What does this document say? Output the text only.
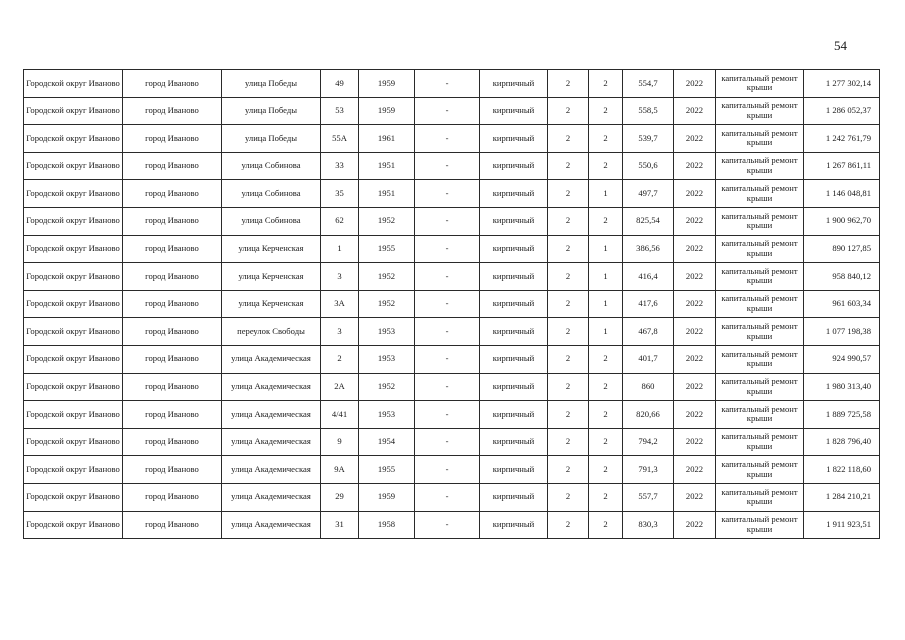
54
Городской округ Иваново	город Иваново	улица Победы	49	1959	-	кирпичный	2	2	554,7	2022	капитальный ремонт крыши	1 277 302,14
Городской округ Иваново	город Иваново	улица Победы	53	1959	-	кирпичный	2	2	558,5	2022	капитальный ремонт крыши	1 286 052,37
Городской округ Иваново	город Иваново	улица Победы	55А	1961	-	кирпичный	2	2	539,7	2022	капитальный ремонт крыши	1 242 761,79
Городской округ Иваново	город Иваново	улица Собинова	33	1951	-	кирпичный	2	2	550,6	2022	капитальный ремонт крыши	1 267 861,11
Городской округ Иваново	город Иваново	улица Собинова	35	1951	-	кирпичный	2	1	497,7	2022	капитальный ремонт крыши	1 146 048,81
Городской округ Иваново	город Иваново	улица Собинова	62	1952	-	кирпичный	2	2	825,54	2022	капитальный ремонт крыши	1 900 962,70
Городской округ Иваново	город Иваново	улица Керченская	1	1955	-	кирпичный	2	1	386,56	2022	капитальный ремонт крыши	890 127,85
Городской округ Иваново	город Иваново	улица Керченская	3	1952	-	кирпичный	2	1	416,4	2022	капитальный ремонт крыши	958 840,12
Городской округ Иваново	город Иваново	улица Керченская	3А	1952	-	кирпичный	2	1	417,6	2022	капитальный ремонт крыши	961 603,34
Городской округ Иваново	город Иваново	переулок Свободы	3	1953	-	кирпичный	2	1	467,8	2022	капитальный ремонт крыши	1 077 198,38
Городской округ Иваново	город Иваново	улица Академическая	2	1953	-	кирпичный	2	2	401,7	2022	капитальный ремонт крыши	924 990,57
Городской округ Иваново	город Иваново	улица Академическая	2А	1952	-	кирпичный	2	2	860	2022	капитальный ремонт крыши	1 980 313,40
Городской округ Иваново	город Иваново	улица Академическая	4/41	1953	-	кирпичный	2	2	820,66	2022	капитальный ремонт крыши	1 889 725,58
Городской округ Иваново	город Иваново	улица Академическая	9	1954	-	кирпичный	2	2	794,2	2022	капитальный ремонт крыши	1 828 796,40
Городской округ Иваново	город Иваново	улица Академическая	9А	1955	-	кирпичный	2	2	791,3	2022	капитальный ремонт крыши	1 822 118,60
Городской округ Иваново	город Иваново	улица Академическая	29	1959	-	кирпичный	2	2	557,7	2022	капитальный ремонт крыши	1 284 210,21
Городской округ Иваново	город Иваново	улица Академическая	31	1958	-	кирпичный	2	2	830,3	2022	капитальный ремонт крыши	1 911 923,51
